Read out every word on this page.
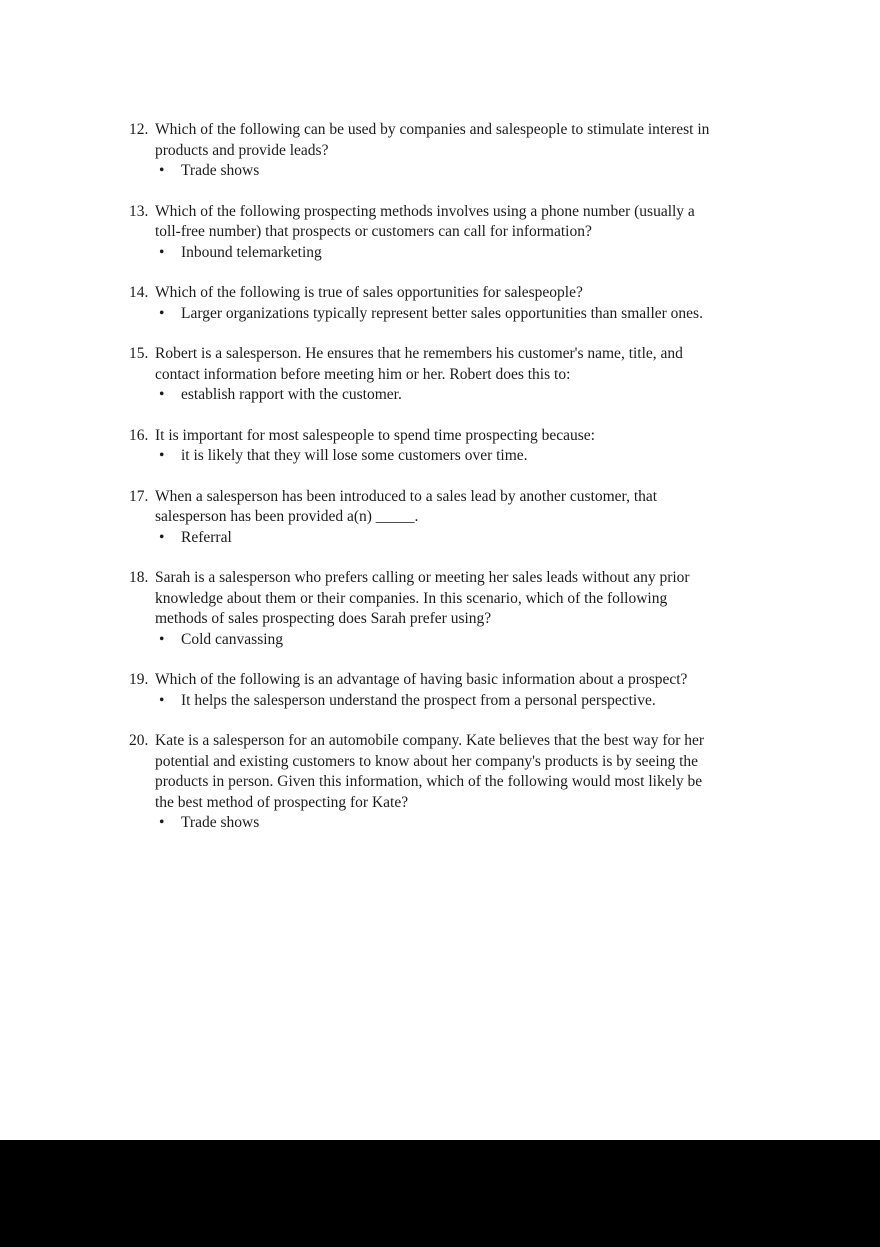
12. Which of the following can be used by companies and salespeople to stimulate interest in
products and provide leads?
•	Trade shows
13. Which of the following prospecting methods involves using a phone number (usually a
toll-free number) that prospects or customers can call for information?
•	Inbound telemarketing
14. Which of the following is true of sales opportunities for salespeople?
•	Larger organizations typically represent better sales opportunities than smaller ones.
15. Robert is a salesperson. He ensures that he remembers his customer's name, title, and
contact information before meeting him or her. Robert does this to:
•	establish rapport with the customer.
16. It is important for most salespeople to spend time prospecting because:
•	it is likely that they will lose some customers over time.
17. When a salesperson has been introduced to a sales lead by another customer, that
salesperson has been provided a(n) _____.
•	Referral
18. Sarah is a salesperson who prefers calling or meeting her sales leads without any prior
knowledge about them or their companies. In this scenario, which of the following
methods of sales prospecting does Sarah prefer using?
•	Cold canvassing
19. Which of the following is an advantage of having basic information about a prospect?
•	It helps the salesperson understand the prospect from a personal perspective.
20. Kate is a salesperson for an automobile company. Kate believes that the best way for her
potential and existing customers to know about her company's products is by seeing the
products in person. Given this information, which of the following would most likely be
the best method of prospecting for Kate?
•	Trade shows
